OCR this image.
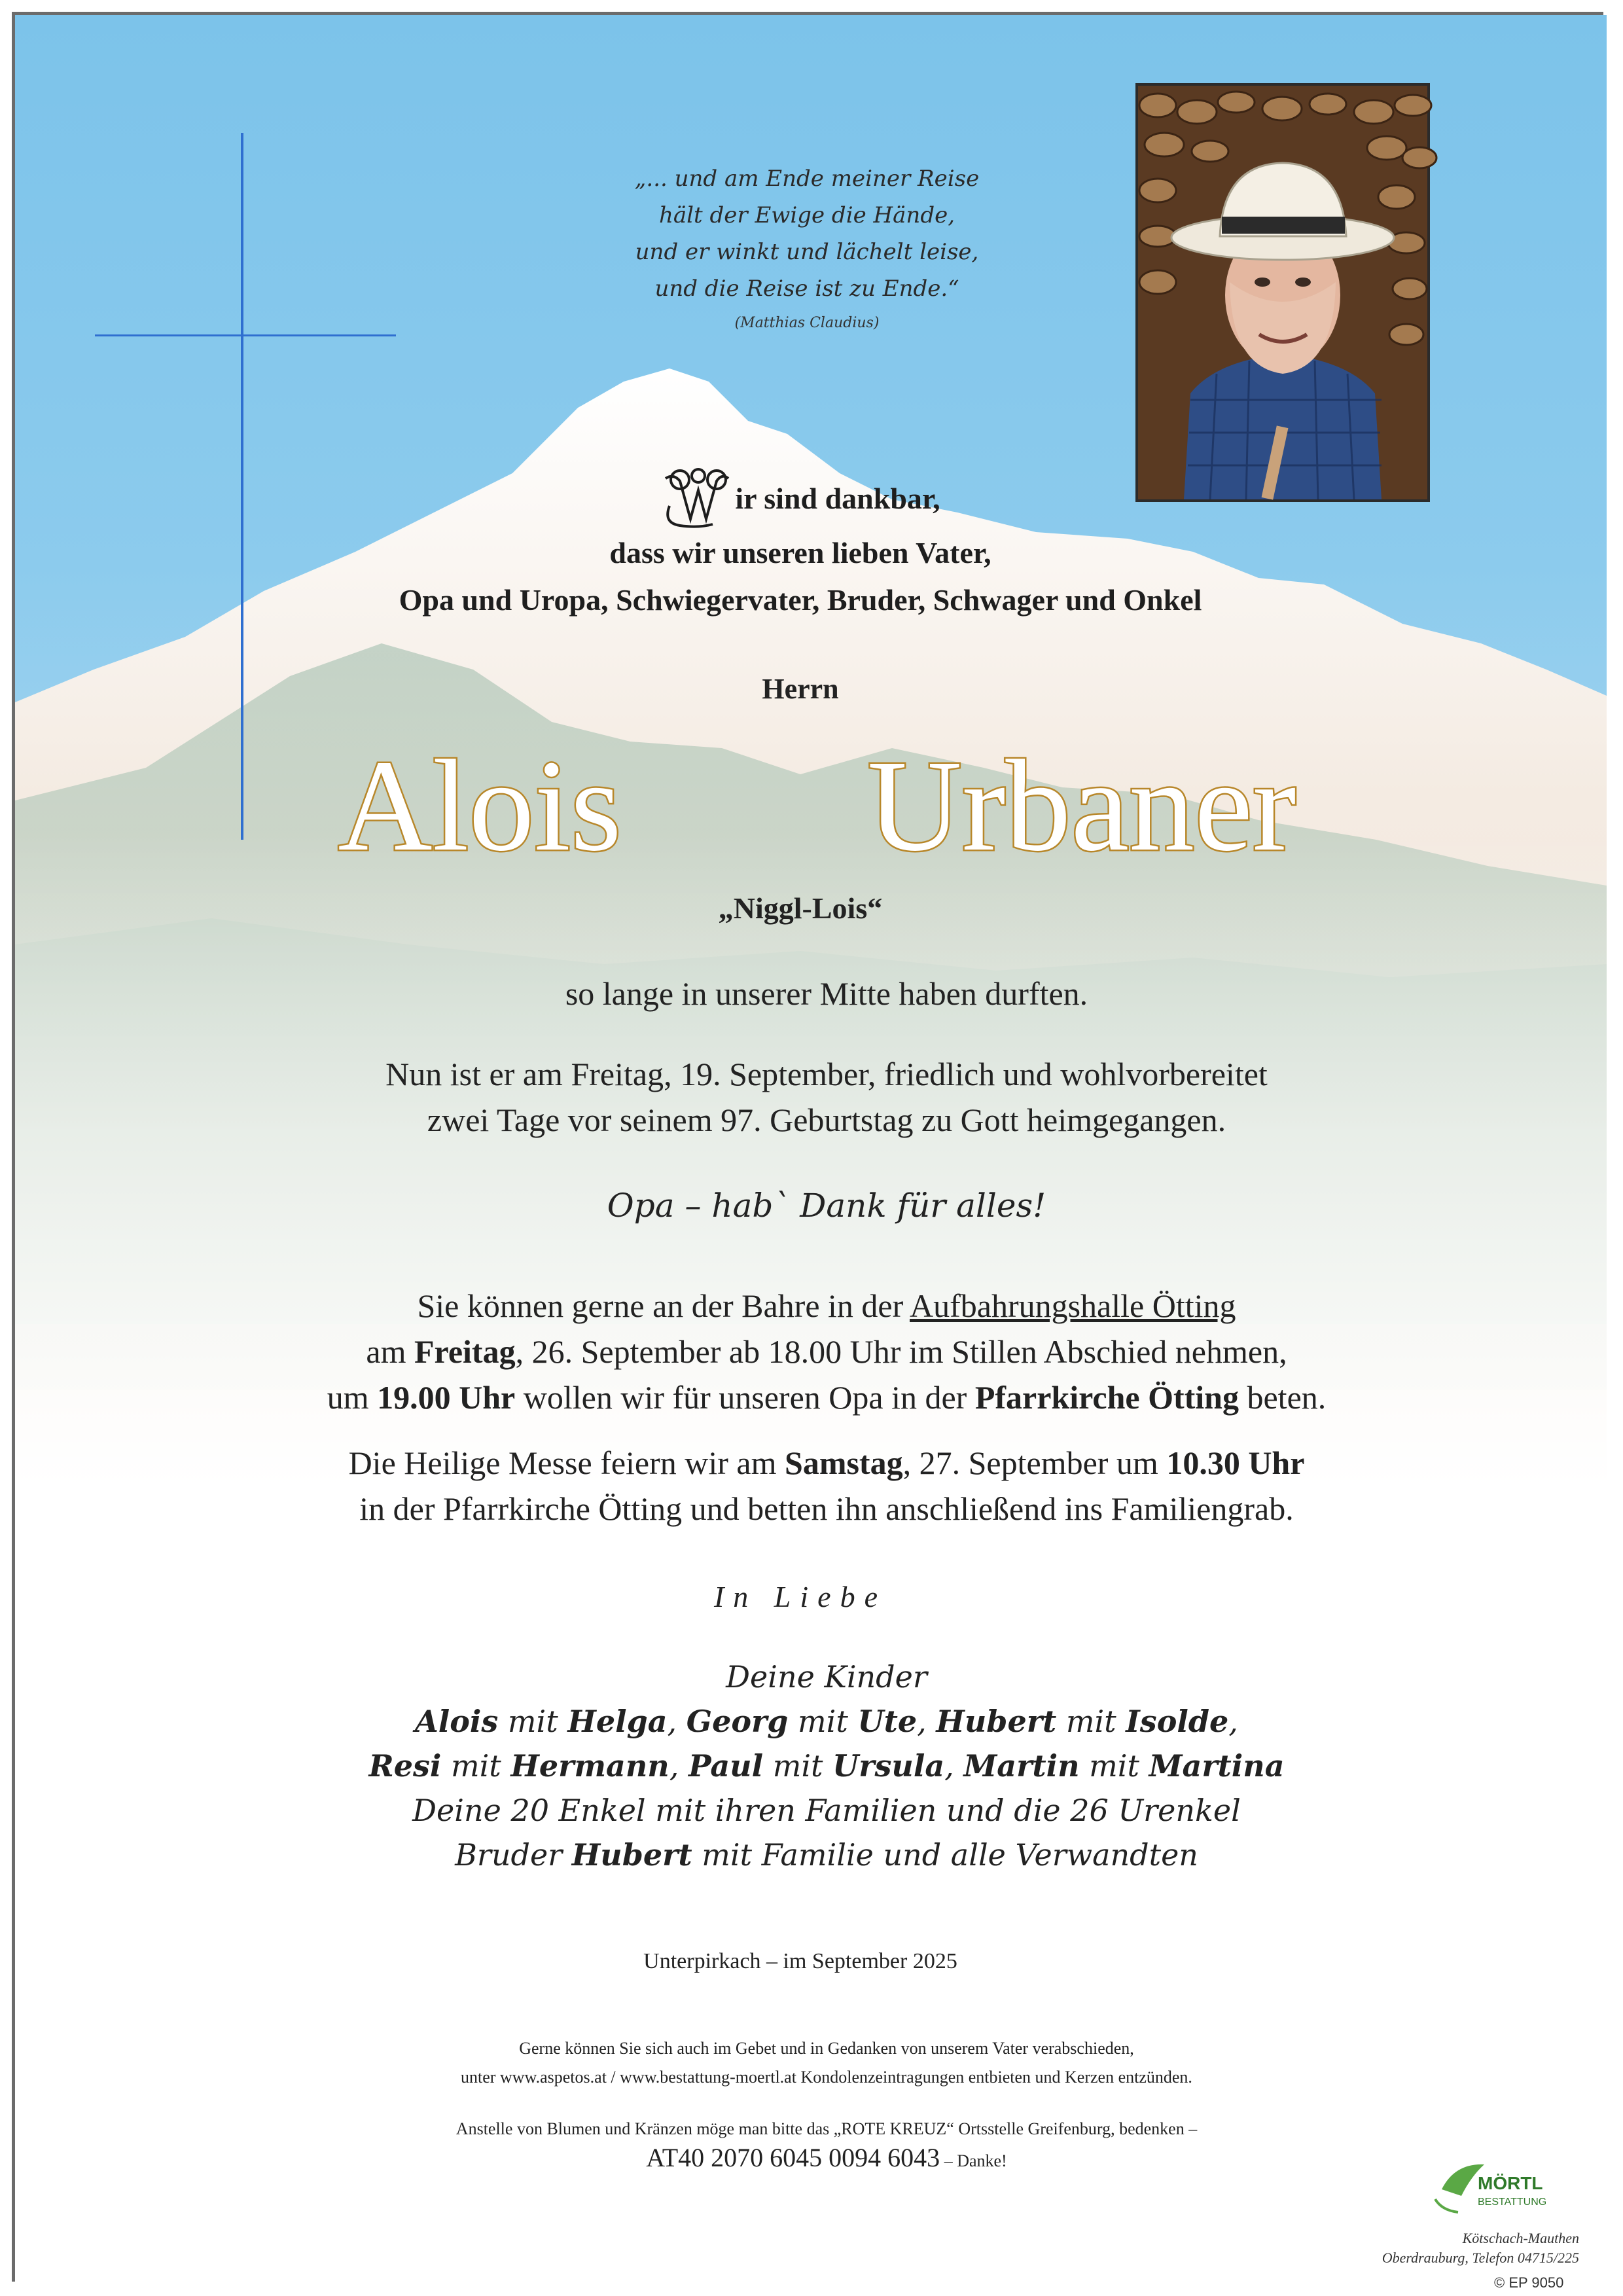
„... und am Ende meiner Reise
hält der Ewige die Hände,
und er winkt und lächelt leise,
und die Reise ist zu Ende.“
(Matthias Claudius)
ir sind dankbar,
dass wir unseren lieben Vater,
Opa und Uropa, Schwiegervater, Bruder, Schwager und Onkel
Herrn
Alois Urbaner
„Niggl-Lois“
so lange in unserer Mitte haben durften.
Nun ist er am Freitag, 19. September, friedlich und wohlvorbereitet
zwei Tage vor seinem 97. Geburtstag zu Gott heimgegangen.
Opa – hab` Dank für alles!
Sie können gerne an der Bahre in der Aufbahrungshalle Ötting
am Freitag, 26. September ab 18.00 Uhr im Stillen Abschied nehmen,
um 19.00 Uhr wollen wir für unseren Opa in der Pfarrkirche Ötting beten.
Die Heilige Messe feiern wir am Samstag, 27. September um 10.30 Uhr
in der Pfarrkirche Ötting und betten ihn anschließend ins Familiengrab.
In Liebe
Deine Kinder
Alois mit Helga, Georg mit Ute, Hubert mit Isolde,
Resi mit Hermann, Paul mit Ursula, Martin mit Martina
Deine 20 Enkel mit ihren Familien und die 26 Urenkel
Bruder Hubert mit Familie und alle Verwandten
Unterpirkach – im September 2025
Gerne können Sie sich auch im Gebet und in Gedanken von unserem Vater verabschieden,
unter www.aspetos.at / www.bestattung-moertl.at Kondolenzeintragungen entbieten und Kerzen entzünden.
Anstelle von Blumen und Kränzen möge man bitte das „ROTE KREUZ“ Ortsstelle Greifenburg, bedenken –
AT40 2070 6045 0094 6043 – Danke!
MÖRTL
BESTATTUNG
Kötschach-Mauthen
Oberdrauburg, Telefon 04715/225
© EP 9050
